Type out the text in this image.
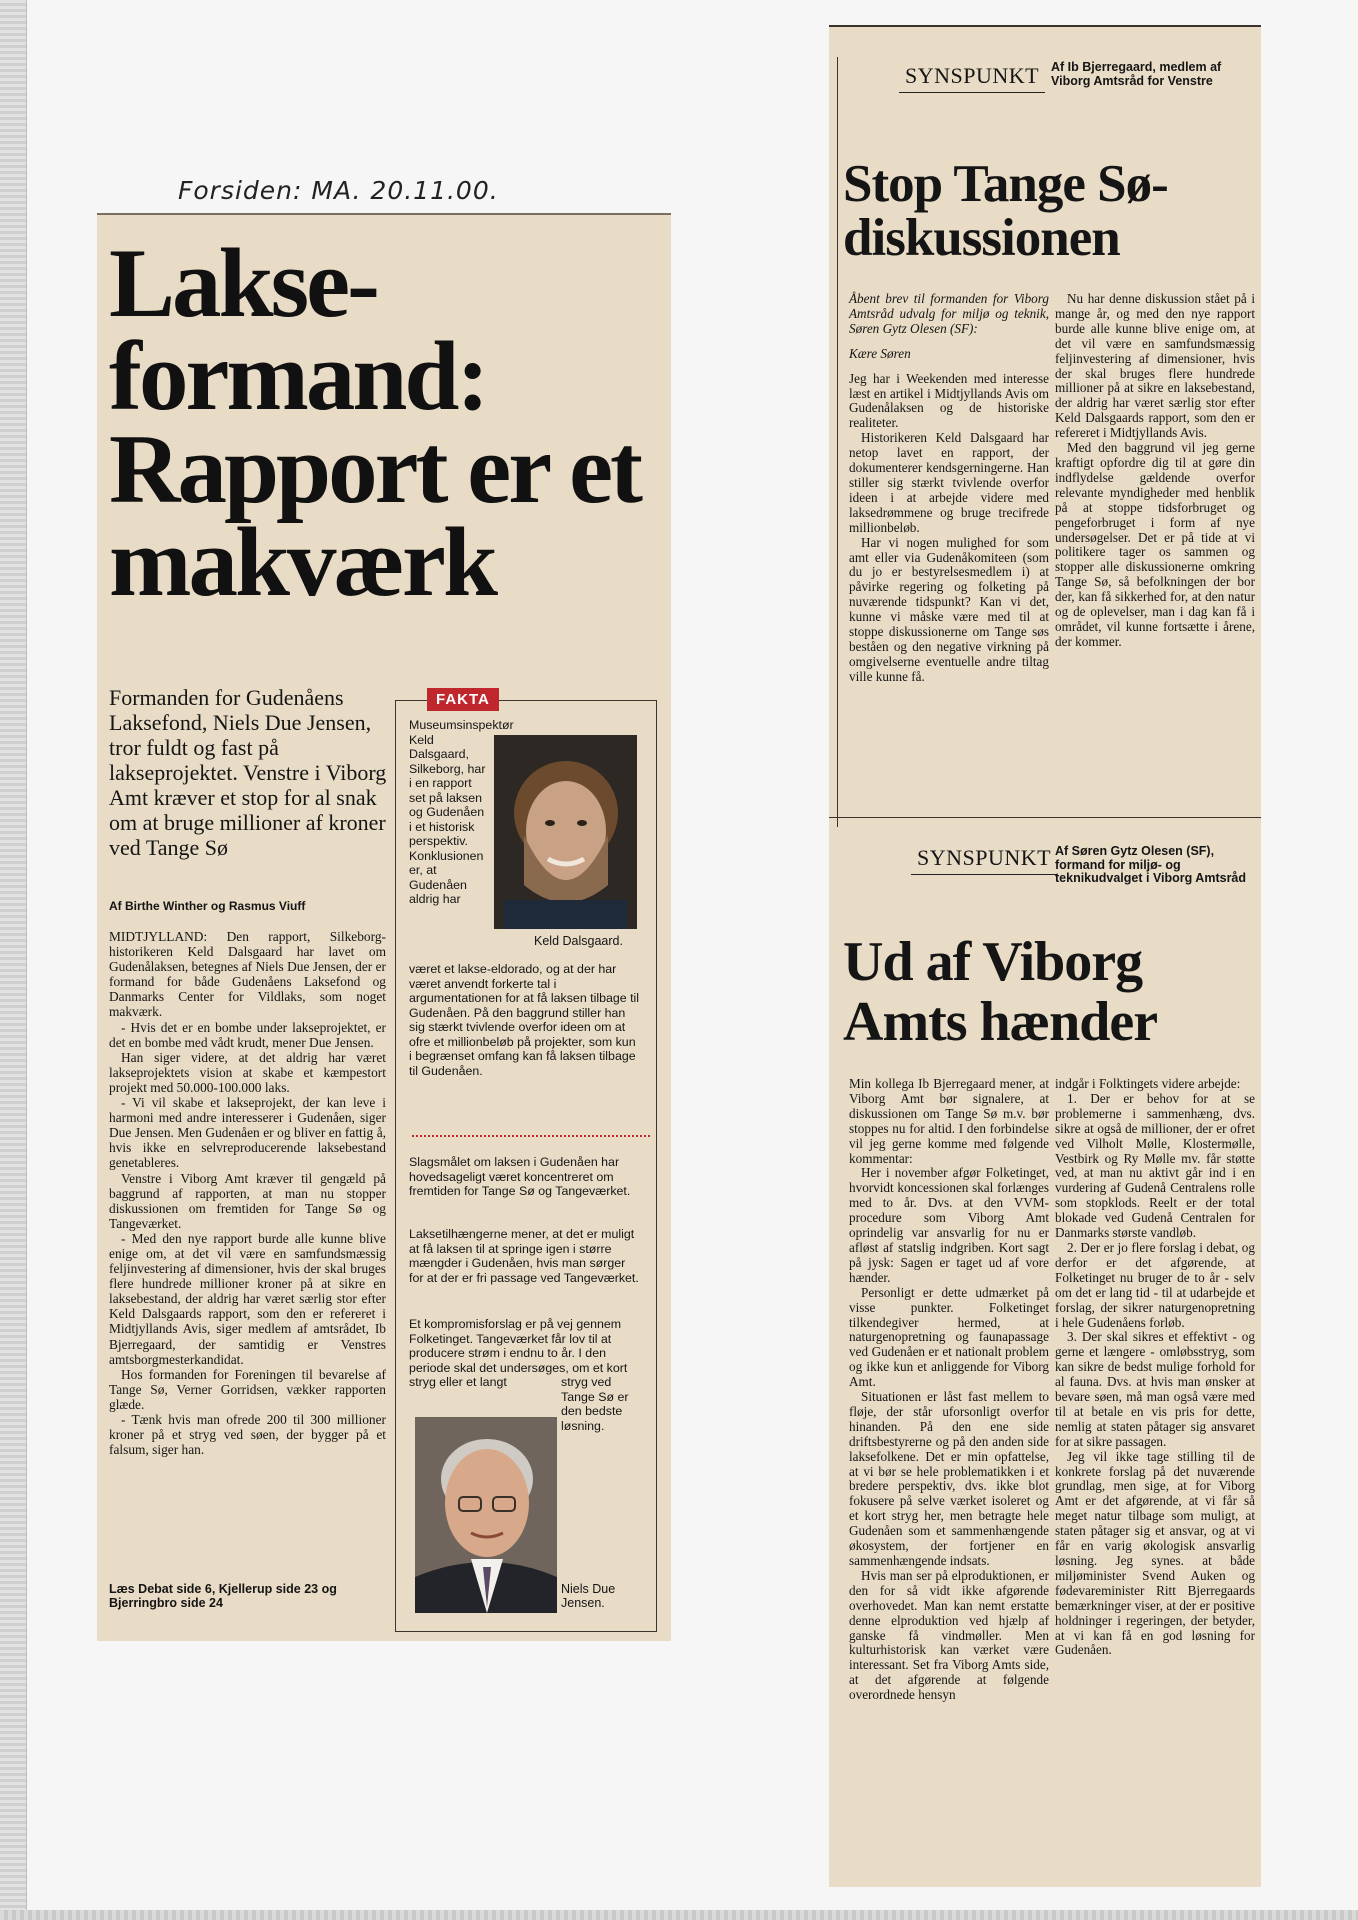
Forsiden: MA. 20.11.00.
Lakse-formand: Rapport er et makværk

Formanden for Gudenåens Laksefond, Niels Due Jensen, tror fuldt og fast på lakseprojektet. Venstre i Viborg Amt kræver et stop for al snak om at bruge millioner af kroner ved Tange Sø

Af Birthe Winther og Rasmus Viuff

MIDTJYLLAND: Den rapport, Silkeborg-historikeren Keld Dalsgaard har lavet om Gudenålaksen, betegnes af Niels Due Jensen, der er formand for både Gudenåens Laksefond og Danmarks Center for Vildlaks, som noget makværk.

- Hvis det er en bombe under lakseprojektet, er det en bombe med vådt krudt, mener Due Jensen.

Han siger videre, at det aldrig har været lakseprojektets vision at skabe et kæmpestort projekt med 50.000-100.000 laks.

- Vi vil skabe et lakseprojekt, der kan leve i harmoni med andre interesserer i Gudenåen, siger Due Jensen. Men Gudenåen er og bliver en fattig å, hvis ikke en selvreproducerende laksebestand genetableres.

Venstre i Viborg Amt kræver til gengæld på baggrund af rapporten, at man nu stopper diskussionen om fremtiden for Tange Sø og Tangeværket.

- Med den nye rapport burde alle kunne blive enige om, at det vil være en samfundsmæssig feljinvestering af dimensioner, hvis der skal bruges flere hundrede millioner kroner på at sikre en laksebestand, der aldrig har været særlig stor efter Keld Dalsgaards rapport, som den er refereret i Midtjyllands Avis, siger medlem af amtsrådet, Ib Bjerregaard, der samtidig er Venstres amtsborgmesterkandidat.

Hos formanden for Foreningen til bevarelse af Tange Sø, Verner Gorridsen, vækker rapporten glæde.

- Tænk hvis man ofrede 200 til 300 millioner kroner på et stryg ved søen, der bygger på et falsum, siger han.

Læs Debat side 6, Kjellerup side 23 og Bjerringbro side 24

FAKTA

Museumsinspektør Keld Dalsgaard, Silkeborg, har i en rapport set på laksen og Gudenåen i et historisk perspektiv. Konklusionen er, at Gudenåen aldrig har

Keld Dalsgaard.

været et lakse-eldorado, og at der har været anvendt forkerte tal i argumentationen for at få laksen tilbage til Gudenåen. På den baggrund stiller han sig stærkt tvivlende overfor ideen om at ofre et millionbeløb på projekter, som kun i begrænset omfang kan få laksen tilbage til Gudenåen.

Slagsmålet om laksen i Gudenåen har hovedsageligt været koncentreret om fremtiden for Tange Sø og Tangeværket.

Laksetilhængerne mener, at det er muligt at få laksen til at springe igen i større mængder i Gudenåen, hvis man sørger for at der er fri passage ved Tangeværket.

Et kompromisforslag er på vej gennem Folketinget. Tangeværket får lov til at producere strøm i endnu to år. I den periode skal det undersøges, om et kort stryg eller et langt	stryg ved Tange Sø er den bedste løsning.

Niels Due Jensen.

SYNSPUNKT Af Ib Bjerregaard, medlem af Viborg Amtsråd for Venstre

Stop Tange Sø-diskussionen

Åbent brev til formanden for Viborg Amtsråd udvalg for miljø og teknik, Søren Gytz Olesen (SF):

Kære Søren

Jeg har i Weekenden med interesse læst en artikel i Midtjyllands Avis om Gudenålaksen og de historiske realiteter.

Historikeren Keld Dalsgaard har netop lavet en rapport, der dokumenterer kendsgerningerne. Han stiller sig stærkt tvivlende overfor ideen i at arbejde videre med laksedrømmene og bruge trecifrede millionbeløb.

Har vi nogen mulighed for som amt eller via Gudenåkomiteen (som du jo er bestyrelsesmedlem i) at påvirke regering og folketing på nuværende tidspunkt? Kan vi det, kunne vi måske være med til at stoppe diskussionerne om Tange søs beståen og den negative virkning på omgivelserne eventuelle andre tiltag ville kunne få.

Nu har denne diskussion stået på i mange år, og med den nye rapport burde alle kunne blive enige om, at det vil være en samfundsmæssig feljinvestering af dimensioner, hvis der skal bruges flere hundrede millioner på at sikre en laksebestand, der aldrig har været særlig stor efter Keld Dalsgaards rapport, som den er refereret i Midtjyllands Avis.

Med den baggrund vil jeg gerne kraftigt opfordre dig til at gøre din indflydelse gældende overfor relevante myndigheder med henblik på at stoppe tidsforbruget og pengeforbruget i form af nye undersøgelser. Det er på tide at vi politikere tager os sammen og stopper alle diskussionerne omkring Tange Sø, så befolkningen der bor der, kan få sikkerhed for, at den natur og de oplevelser, man i dag kan få i området, vil kunne fortsætte i årene, der kommer.

SYNSPUNKT Af Søren Gytz Olesen (SF), formand for miljø- og teknikudvalget i Viborg Amtsråd

Ud af Viborg Amts hænder

Min kollega Ib Bjerregaard mener, at Viborg Amt bør signalere, at diskussionen om Tange Sø m.v. bør stoppes nu for altid. I den forbindelse vil jeg gerne komme med følgende kommentar:

Her i november afgør Folketinget, hvorvidt koncessionen skal forlænges med to år. Dvs. at den VVM-procedure som Viborg Amt oprindelig var ansvarlig for nu er afløst af statslig indgriben. Kort sagt på jysk: Sagen er taget ud af vore hænder.

Personligt er dette udmærket på visse punkter. Folketinget tilkendegiver hermed, at naturgenopretning og faunapassage ved Gudenåen er et nationalt problem og ikke kun et anliggende for Viborg Amt.

Situationen er låst fast mellem to fløje, der står uforsonligt overfor hinanden. På den ene side driftsbestyrerne og på den anden side laksefolkene. Det er min opfattelse, at vi bør se hele problematikken i et bredere perspektiv, dvs. ikke blot fokusere på selve værket isoleret og et kort stryg her, men betragte hele Gudenåen som et sammenhængende økosystem, der fortjener en sammenhængende indsats.

Hvis man ser på elproduktionen, er den for så vidt ikke afgørende overhovedet. Man kan nemt erstatte denne elproduktion ved hjælp af ganske få vindmøller. Men kulturhistorisk kan værket være interessant. Set fra Viborg Amts side, at det afgørende at følgende overordnede hensyn

indgår i Folktingets videre arbejde:

1. Der er behov for at se problemerne i sammenhæng, dvs. sikre at også de millioner, der er ofret ved Vilholt Mølle, Klostermølle, Vestbirk og Ry Mølle mv. får støtte ved, at man nu aktivt går ind i en vurdering af Gudenå Centralens rolle som stopklods. Reelt er der total blokade ved Gudenå Centralen for Danmarks største vandløb.

2. Der er jo flere forslag i debat, og derfor er det afgørende, at Folketinget nu bruger de to år - selv om det er lang tid - til at udarbejde et forslag, der sikrer naturgenopretning i hele Gudenåens forløb.

3. Der skal sikres et effektivt - og gerne et længere - omløbsstryg, som kan sikre de bedst mulige forhold for al fauna. Dvs. at hvis man ønsker at bevare søen, må man også være med til at betale en vis pris for dette, nemlig at staten påtager sig ansvaret for at sikre passagen.

Jeg vil ikke tage stilling til de konkrete forslag på det nuværende grundlag, men sige, at for Viborg Amt er det afgørende, at vi får så meget natur tilbage som muligt, at staten påtager sig et ansvar, og at vi får en varig økologisk ansvarlig løsning. Jeg synes. at både miljøminister Svend Auken og fødevareminister Ritt Bjerregaards bemærkninger viser, at der er positive holdninger i regeringen, der betyder, at vi kan få en god løsning for Gudenåen.
